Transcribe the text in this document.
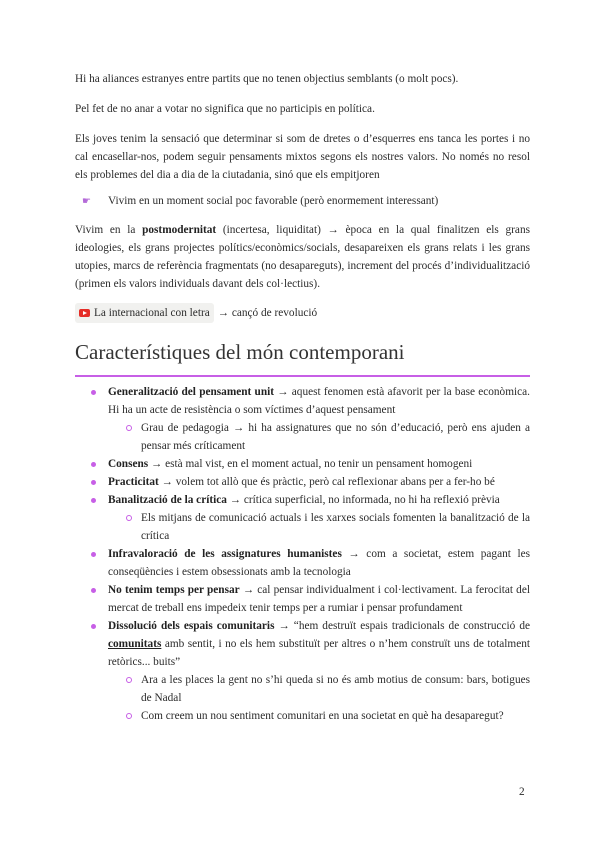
Hi ha aliances estranyes entre partits que no tenen objectius semblants (o molt pocs).

Pel fet de no anar a votar no significa que no participis en política.

Els joves tenim la sensació que determinar si som de dretes o d’esquerres ens tanca les portes i no cal encasellar-nos, podem seguir pensaments mixtos segons els nostres valors. No només no resol els problemes del dia a dia de la ciutadania, sinó que els empitjoren

☛	Vivim en un moment social poc favorable (però enormement interessant)

Vivim en la postmodernitat (incertesa, liquiditat) → època en la qual finalitzen els grans ideologies, els grans projectes polítics/econòmics/socials, desapareixen els grans relats i les grans utopies, marcs de referència fragmentats (no desapareguts), increment del procés d’individualització (primen els valors individuals davant dels col·lectius).

La internacional con letra → cançó de revolució

Característiques del món contemporani
Generalització del pensament unit → aquest fenomen està afavorit per la base econòmica. Hi ha un acte de resistència o som víctimes d’aquest pensament
Grau de pedagogia → hi ha assignatures que no són d’educació, però ens ajuden a pensar més críticament
Consens → està mal vist, en el moment actual, no tenir un pensament homogeni
Practicitat → volem tot allò que és pràctic, però cal reflexionar abans per a fer-ho bé
Banalització de la crítica → crítica superficial, no informada, no hi ha reflexió prèvia
Els mitjans de comunicació actuals i les xarxes socials fomenten la banalització de la crítica
Infravaloració de les assignatures humanistes → com a societat, estem pagant les conseqüències i estem obsessionats amb la tecnologia
No tenim temps per pensar → cal pensar individualment i col·lectivament. La ferocitat del mercat de treball ens impedeix tenir temps per a rumiar i pensar profundament
Dissolució dels espais comunitaris → “hem destruït espais tradicionals de construcció de comunitats amb sentit, i no els hem substituït per altres o n’hem construït uns de totalment retòrics... buits”
Ara a les places la gent no s’hi queda si no és amb motius de consum: bars, botigues de Nadal
Com creem un nou sentiment comunitari en una societat en què ha desaparegut?
2
